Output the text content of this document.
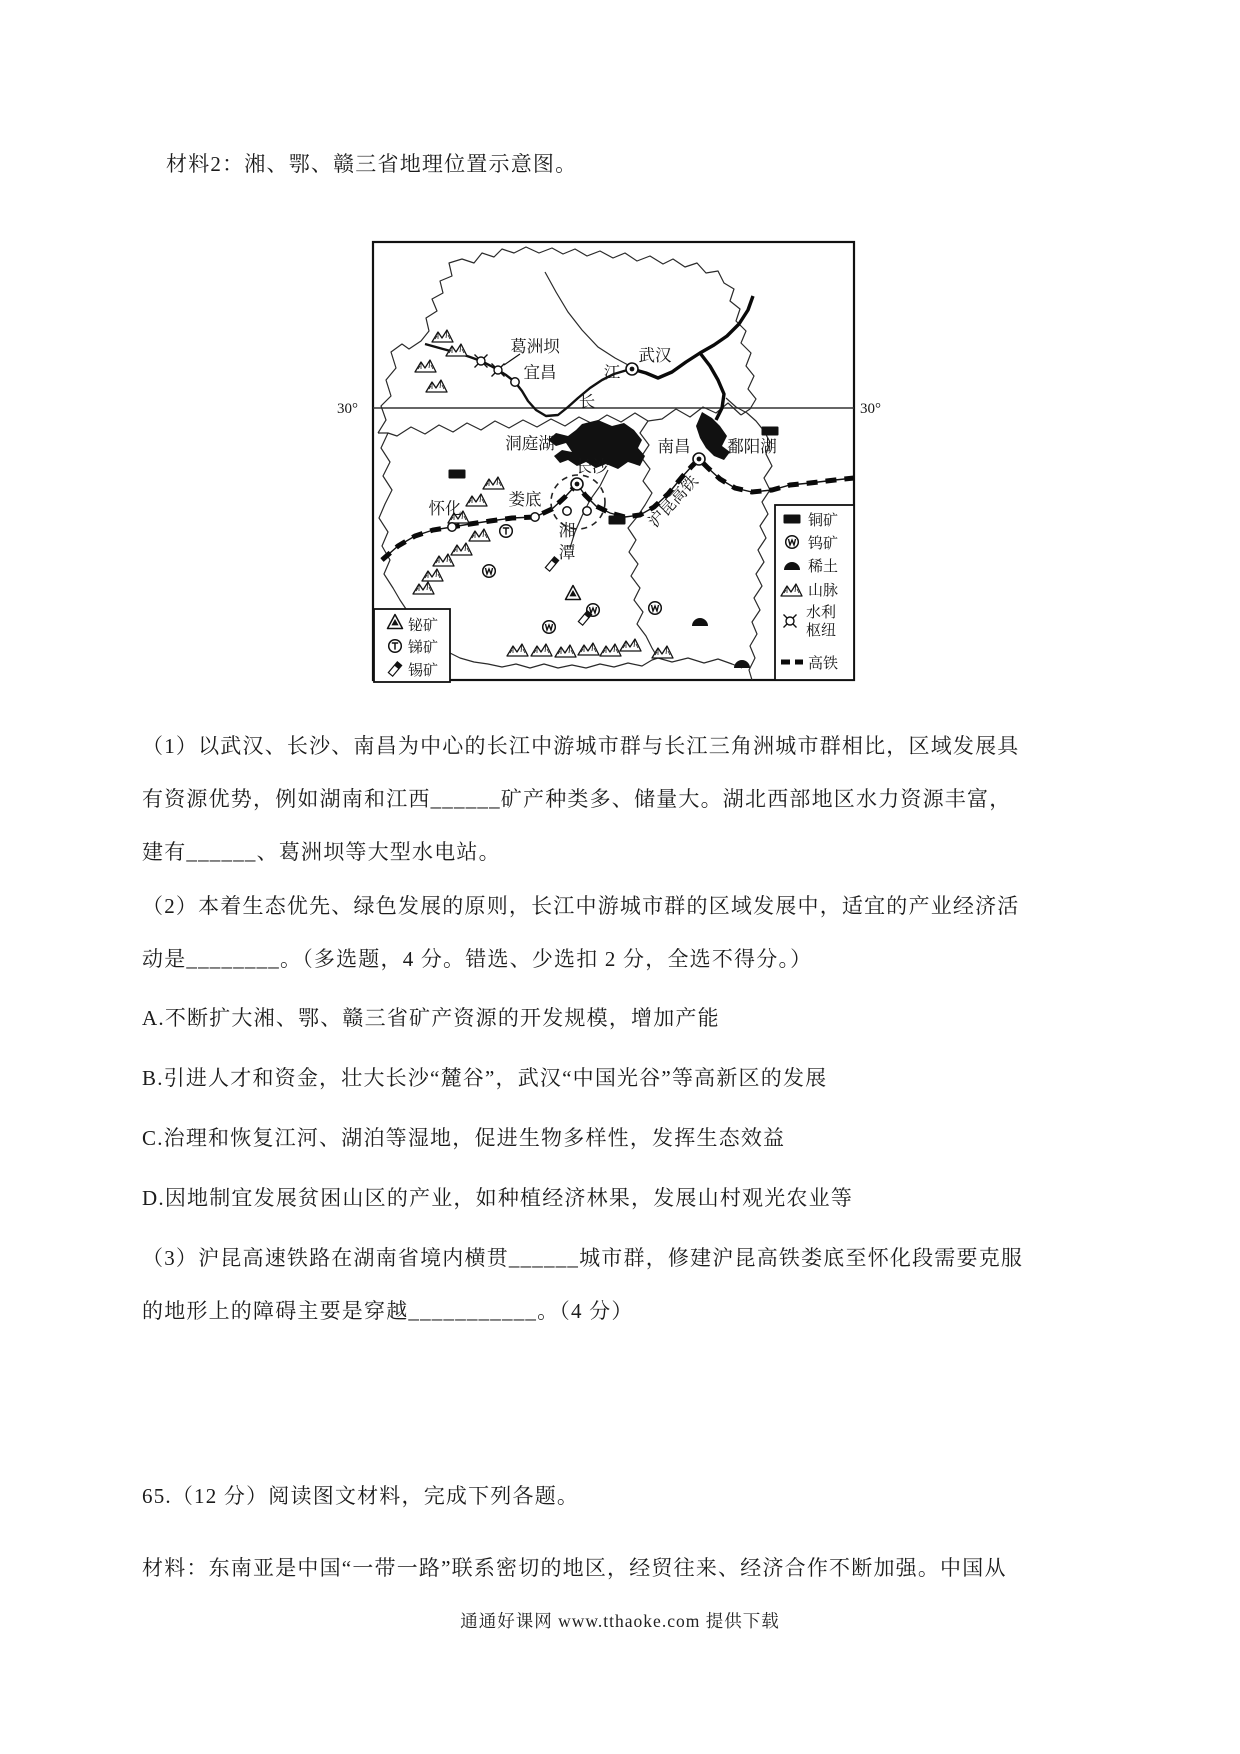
材料2：湘、鄂、赣三省地理位置示意图。
葛洲坝
宜昌
武汉
江
长
洞庭湖	南昌 鄱阳湖
长沙
怀化	娄底
湘
潭
沪昆高铁
30°	30°
铋矿
锑矿
锡矿
铜矿
钨矿
稀土
山脉
水利
枢纽
高铁
（1）以武汉、长沙、南昌为中心的长江中游城市群与长江三角洲城市群相比，区域发展具
有资源优势，例如湖南和江西______矿产种类多、储量大。湖北西部地区水力资源丰富，
建有______、葛洲坝等大型水电站。
（2）本着生态优先、绿色发展的原则，长江中游城市群的区域发展中，适宜的产业经济活
动是________。（多选题，4 分。错选、少选扣 2 分，全选不得分。）
A.不断扩大湘、鄂、赣三省矿产资源的开发规模，增加产能
B.引进人才和资金，壮大长沙“麓谷”，武汉“中国光谷”等高新区的发展
C.治理和恢复江河、湖泊等湿地，促进生物多样性，发挥生态效益
D.因地制宜发展贫困山区的产业，如种植经济林果，发展山村观光农业等
（3）沪昆高速铁路在湖南省境内横贯______城市群，修建沪昆高铁娄底至怀化段需要克服
的地形上的障碍主要是穿越___________。（4 分）
65.（12 分）阅读图文材料，完成下列各题。
材料：东南亚是中国“一带一路”联系密切的地区，经贸往来、经济合作不断加强。中国从
通通好课网 www.tthaoke.com 提供下载
